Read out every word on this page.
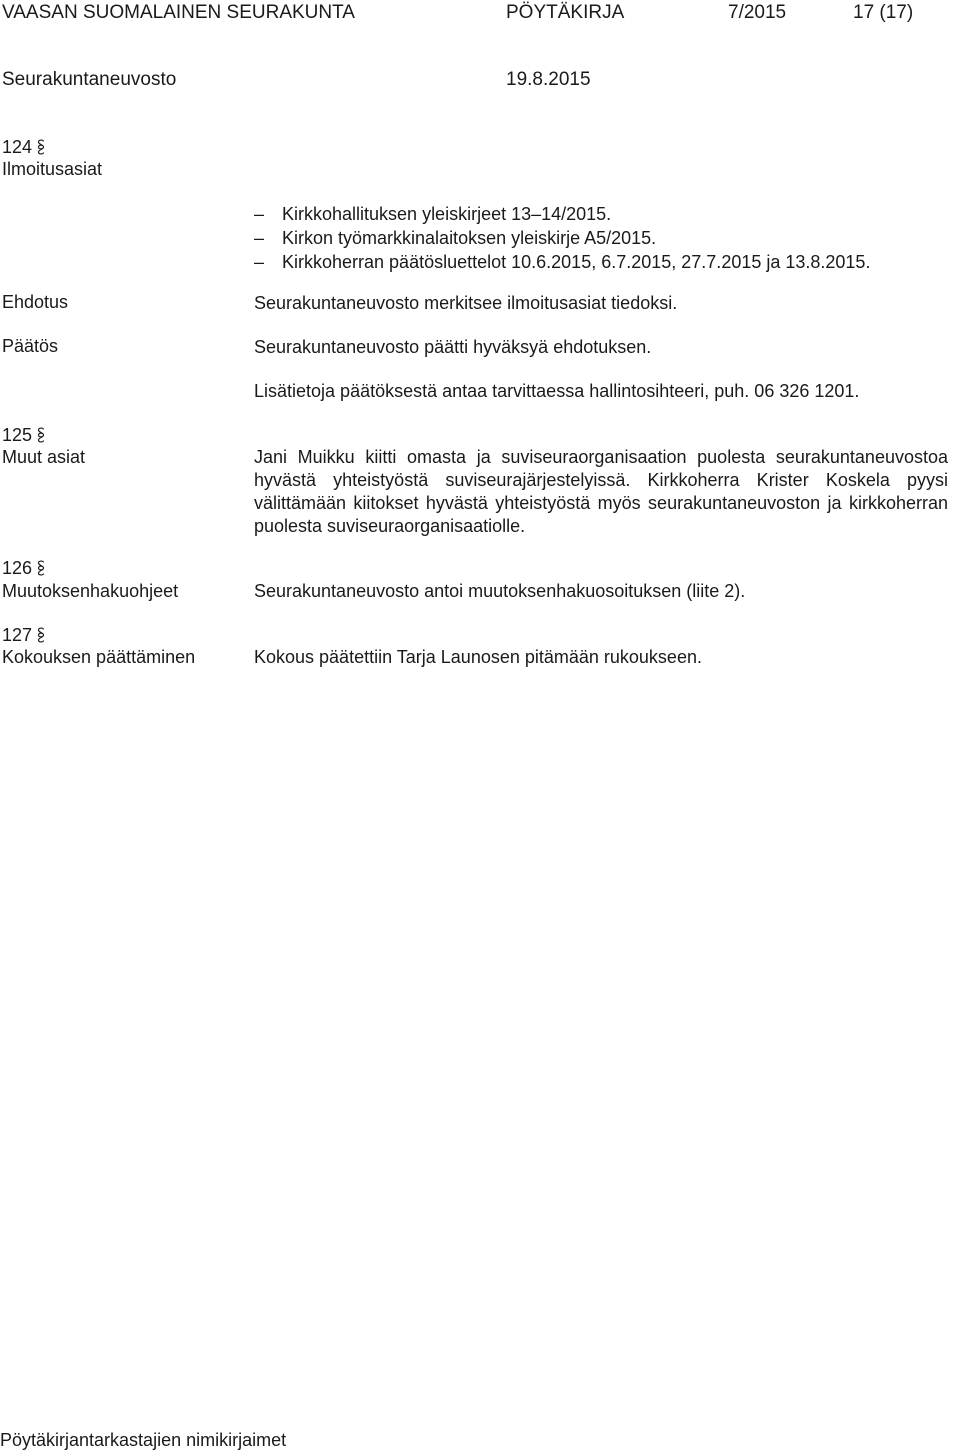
VAASAN SUOMALAINEN SEURAKUNTA	PÖYTÄKIRJA	7/2015	17 (17)
Seurakuntaneuvosto	19.8.2015
124
Ilmoitusasiat
– Kirkkohallituksen yleiskirjeet 13–14/2015.
– Kirkon työmarkkinalaitoksen yleiskirje A5/2015.
– Kirkkoherran päätösluettelot 10.6.2015, 6.7.2015, 27.7.2015 ja 13.8.2015.
Ehdotus	Seurakuntaneuvosto merkitsee ilmoitusasiat tiedoksi.
Päätös	Seurakuntaneuvosto päätti hyväksyä ehdotuksen.
Lisätietoja päätöksestä antaa tarvittaessa hallintosihteeri, puh. 06 326 1201.
125
Muut asiat	Jani Muikku kiitti omasta ja suviseuraorganisaation puolesta seurakuntaneuvostoa hyvästä yhteistyöstä suviseurajärjestelyissä. Kirkkoherra Krister Koskela pyysi välittämään kiitokset hyvästä yhteistyöstä myös seurakuntaneuvoston ja kirkkoherran puolesta suviseuraorganisaatiolle.
126
Muutoksenhakuohjeet	Seurakuntaneuvosto antoi muutoksenhakuosoituksen (liite 2).
127
Kokouksen päättäminen	Kokous päätettiin Tarja Launosen pitämään rukoukseen.
Pöytäkirjantarkastajien nimikirjaimet
